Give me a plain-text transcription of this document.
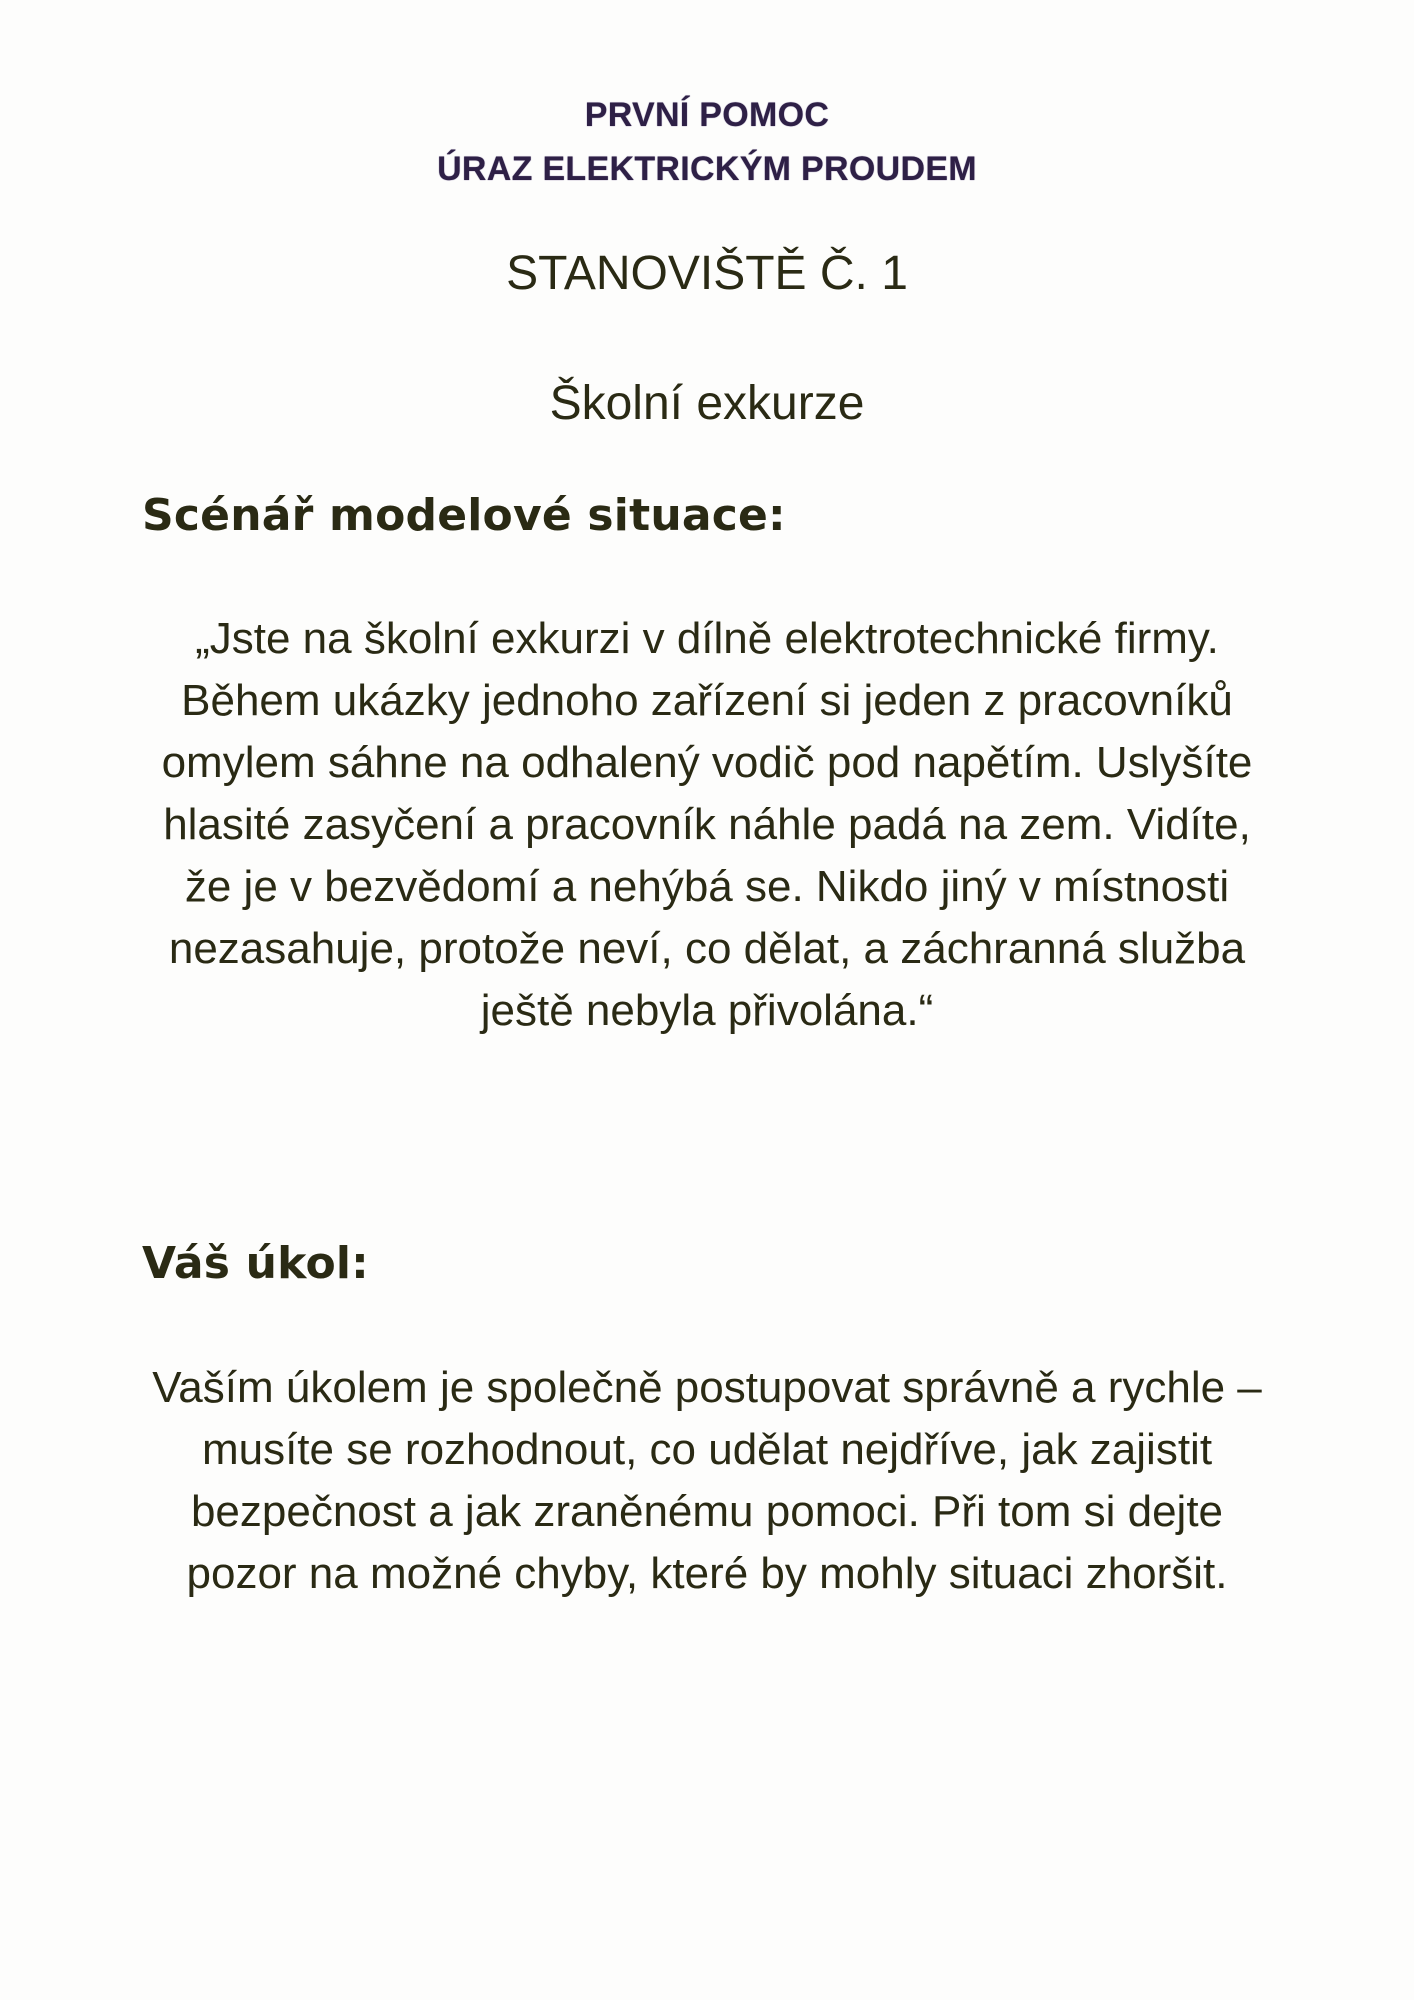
PRVNÍ POMOC
ÚRAZ ELEKTRICKÝM PROUDEM
STANOVIŠTĚ Č. 1
Školní exkurze
Scénář modelové situace:
„Jste na školní exkurzi v dílně elektrotechnické firmy. Během ukázky jednoho zařízení si jeden z pracovníků omylem sáhne na odhalený vodič pod napětím. Uslyšíte hlasité zasyčení a pracovník náhle padá na zem. Vidíte, že je v bezvědomí a nehýbá se. Nikdo jiný v místnosti nezasahuje, protože neví, co dělat, a záchranná služba ještě nebyla přivolána.“
Váš úkol:
Vaším úkolem je společně postupovat správně a rychle – musíte se rozhodnout, co udělat nejdříve, jak zajistit bezpečnost a jak zraněnému pomoci. Při tom si dejte pozor na možné chyby, které by mohly situaci zhoršit.
